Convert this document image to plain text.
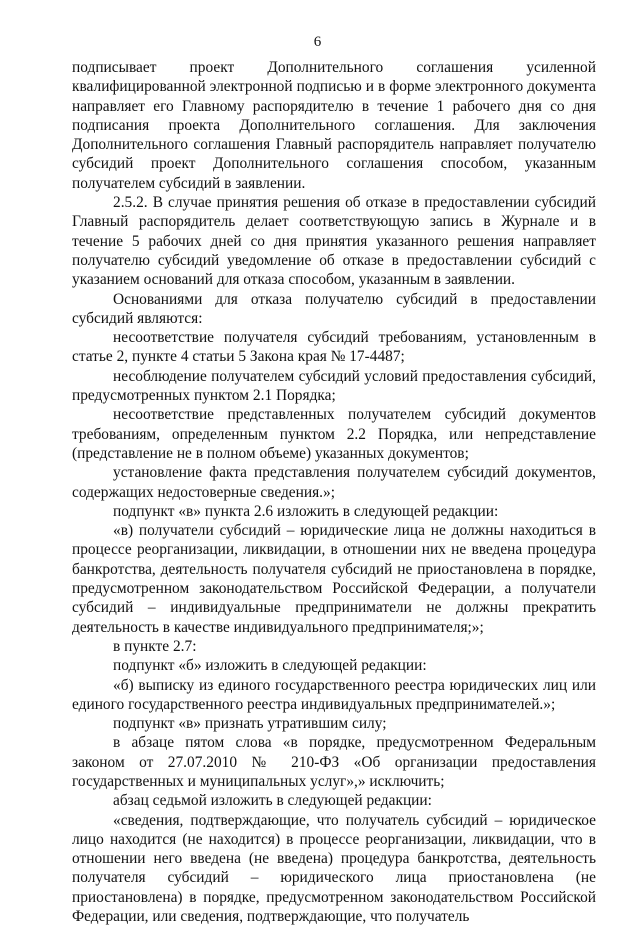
6

подписывает проект Дополнительного соглашения усиленной квалифицированной электронной подписью и в форме электронного документа направляет его Главному распорядителю в течение 1 рабочего дня со дня подписания проекта Дополнительного соглашения. Для заключения Дополнительного соглашения Главный распорядитель направляет получателю субсидий проект Дополнительного соглашения способом, указанным получателем субсидий в заявлении.

2.5.2. В случае принятия решения об отказе в предоставлении субсидий Главный распорядитель делает соответствующую запись в Журнале и в течение 5 рабочих дней со дня принятия указанного решения направляет получателю субсидий уведомление об отказе в предоставлении субсидий с указанием оснований для отказа способом, указанным в заявлении.

Основаниями для отказа получателю субсидий в предоставлении субсидий являются:

несоответствие получателя субсидий требованиям, установленным в статье 2, пункте 4 статьи 5 Закона края № 17-4487;

несоблюдение получателем субсидий условий предоставления субсидий, предусмотренных пунктом 2.1 Порядка;

несоответствие представленных получателем субсидий документов требованиям, определенным пунктом 2.2 Порядка, или непредставление (представление не в полном объеме) указанных документов;

установление факта представления получателем субсидий документов, содержащих недостоверные сведения.»;

подпункт «в» пункта 2.6 изложить в следующей редакции:

«в) получатели субсидий – юридические лица не должны находиться в процессе реорганизации, ликвидации, в отношении них не введена процедура банкротства, деятельность получателя субсидий не приостановлена в порядке, предусмотренном законодательством Российской Федерации, а получатели субсидий – индивидуальные предприниматели не должны прекратить деятельность в качестве индивидуального предпринимателя;»;

в пункте 2.7:

подпункт «б» изложить в следующей редакции:

«б) выписку из единого государственного реестра юридических лиц или единого государственного реестра индивидуальных предпринимателей.»;

подпункт «в» признать утратившим силу;

в абзаце пятом слова «в порядке, предусмотренном Федеральным законом от 27.07.2010 № 210-ФЗ «Об организации предоставления государственных и муниципальных услуг»,» исключить;

абзац седьмой изложить в следующей редакции:

«сведения, подтверждающие, что получатель субсидий – юридическое лицо находится (не находится) в процессе реорганизации, ликвидации, что в отношении него введена (не введена) процедура банкротства, деятельность получателя субсидий – юридического лица приостановлена (не приостановлена) в порядке, предусмотренном законодательством Российской Федерации, или сведения, подтверждающие, что получатель
